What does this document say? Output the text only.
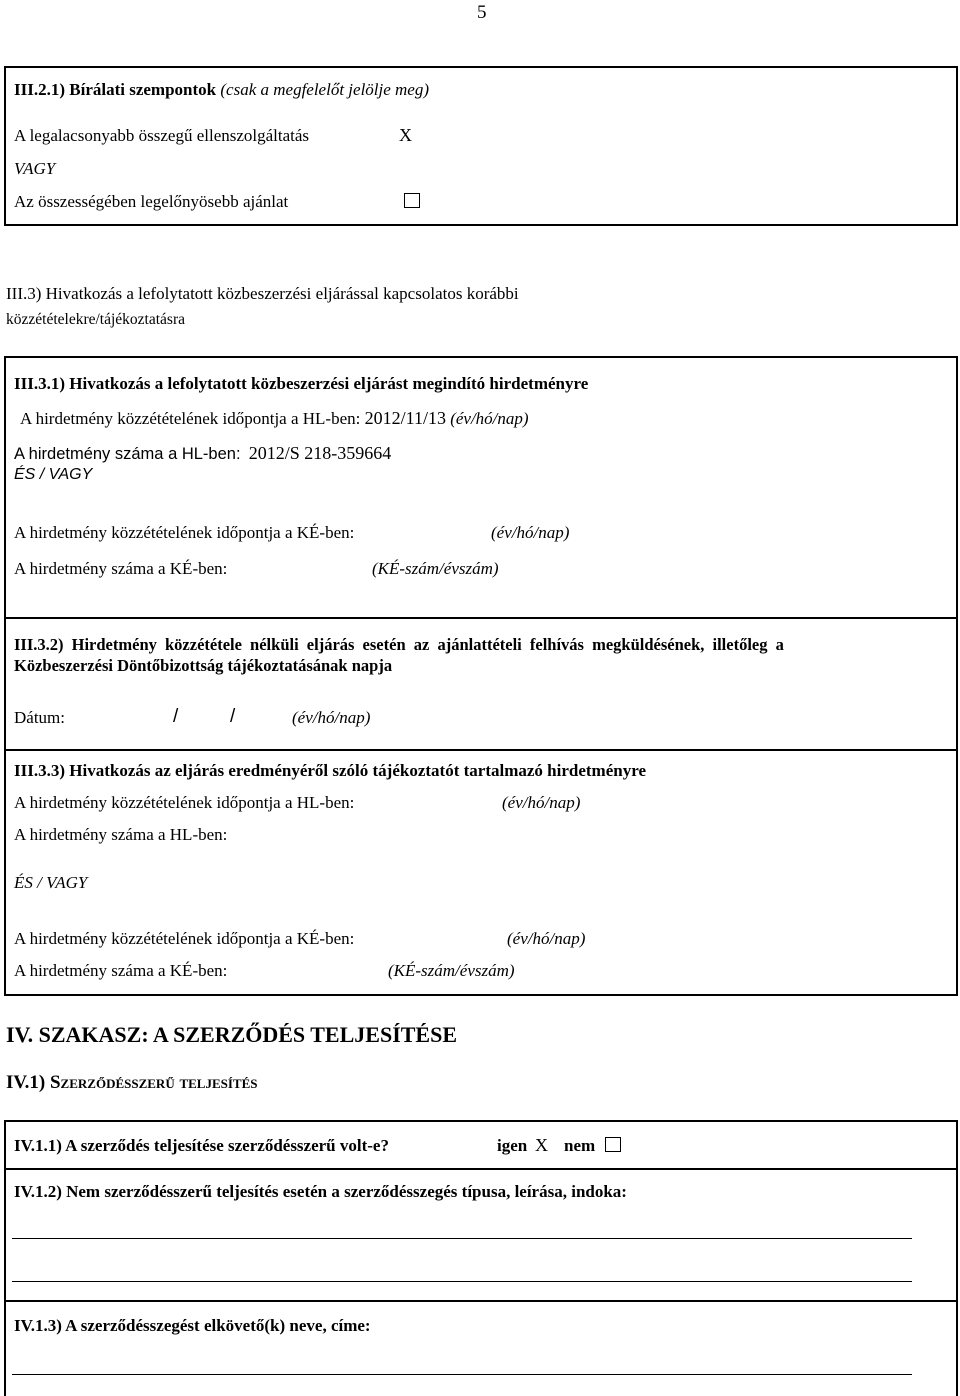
5
III.2.1) Bírálati szempontok (csak a megfelelőt jelölje meg)
A legalacsonyabb összegű ellenszolgáltatás	X
VAGY
Az összességében legelőnyösebb ajánlat
III.3) Hivatkozás a lefolytatott közbeszerzési eljárással kapcsolatos korábbi
közzétételekre/tájékoztatásra
III.3.1) Hivatkozás a lefolytatott közbeszerzési eljárást megindító hirdetményre
A hirdetmény közzétételének időpontja a HL-ben: 2012/11/13 (év/hó/nap)
A hirdetmény száma a HL-ben: 2012/S 218-359664
ÉS / VAGY
A hirdetmény közzétételének időpontja a KÉ-ben:	(év/hó/nap)
A hirdetmény száma a KÉ-ben:	(KÉ-szám/évszám)
III.3.2) Hirdetmény közzététele nélküli eljárás esetén az ajánlattételi felhívás megküldésének, illetőleg a
Közbeszerzési Döntőbizottság tájékoztatásának napja
Dátum:	/	/	(év/hó/nap)
III.3.3) Hivatkozás az eljárás eredményéről szóló tájékoztatót tartalmazó hirdetményre
A hirdetmény közzétételének időpontja a HL-ben:	(év/hó/nap)
A hirdetmény száma a HL-ben:
ÉS / VAGY
A hirdetmény közzétételének időpontja a KÉ-ben:	(év/hó/nap)
A hirdetmény száma a KÉ-ben:	(KÉ-szám/évszám)
IV. SZAKASZ: A SZERZŐDÉS TELJESÍTÉSE
IV.1) Szerződésszerű teljesítés
IV.1.1) A szerződés teljesítése szerződésszerű volt-e?	igen X nem
IV.1.2) Nem szerződésszerű teljesítés esetén a szerződésszegés típusa, leírása, indoka:
IV.1.3) A szerződésszegést elkövető(k) neve, címe:
